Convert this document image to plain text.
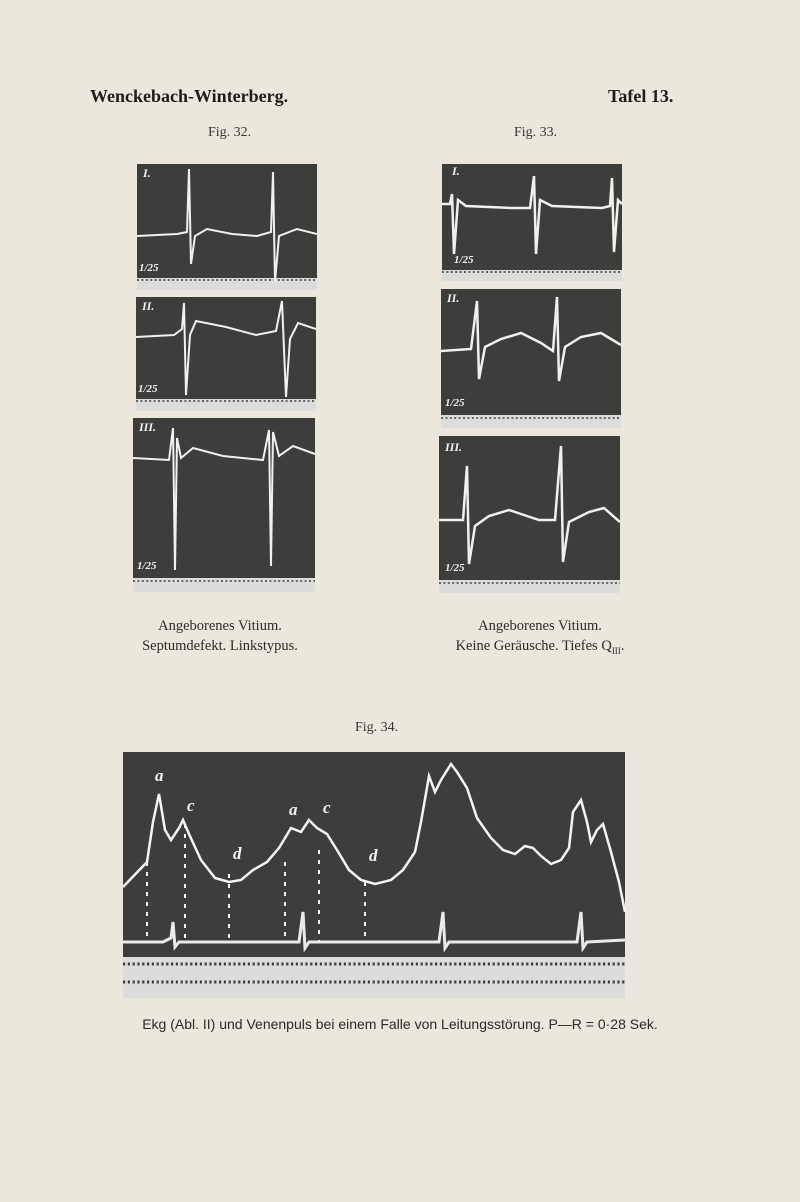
Wenckebach-Winterberg.	Tafel 13.
Fig. 32.
I.
1/25
II.
1/25
III.
1/25
Angeborenes Vitium.
Septumdefekt. Linkstypus.
Fig. 33.
I.
1/25
II.
1/25
III.
1/25
Angeborenes Vitium.
Keine Geräusche. Tiefes $Q_{III}$.
Fig. 34.
a
c
d
a c
d
Ekg (Abl. II) und Venenpuls bei einem Falle von Leitungsstörung. P—R = 0·28 Sek.
